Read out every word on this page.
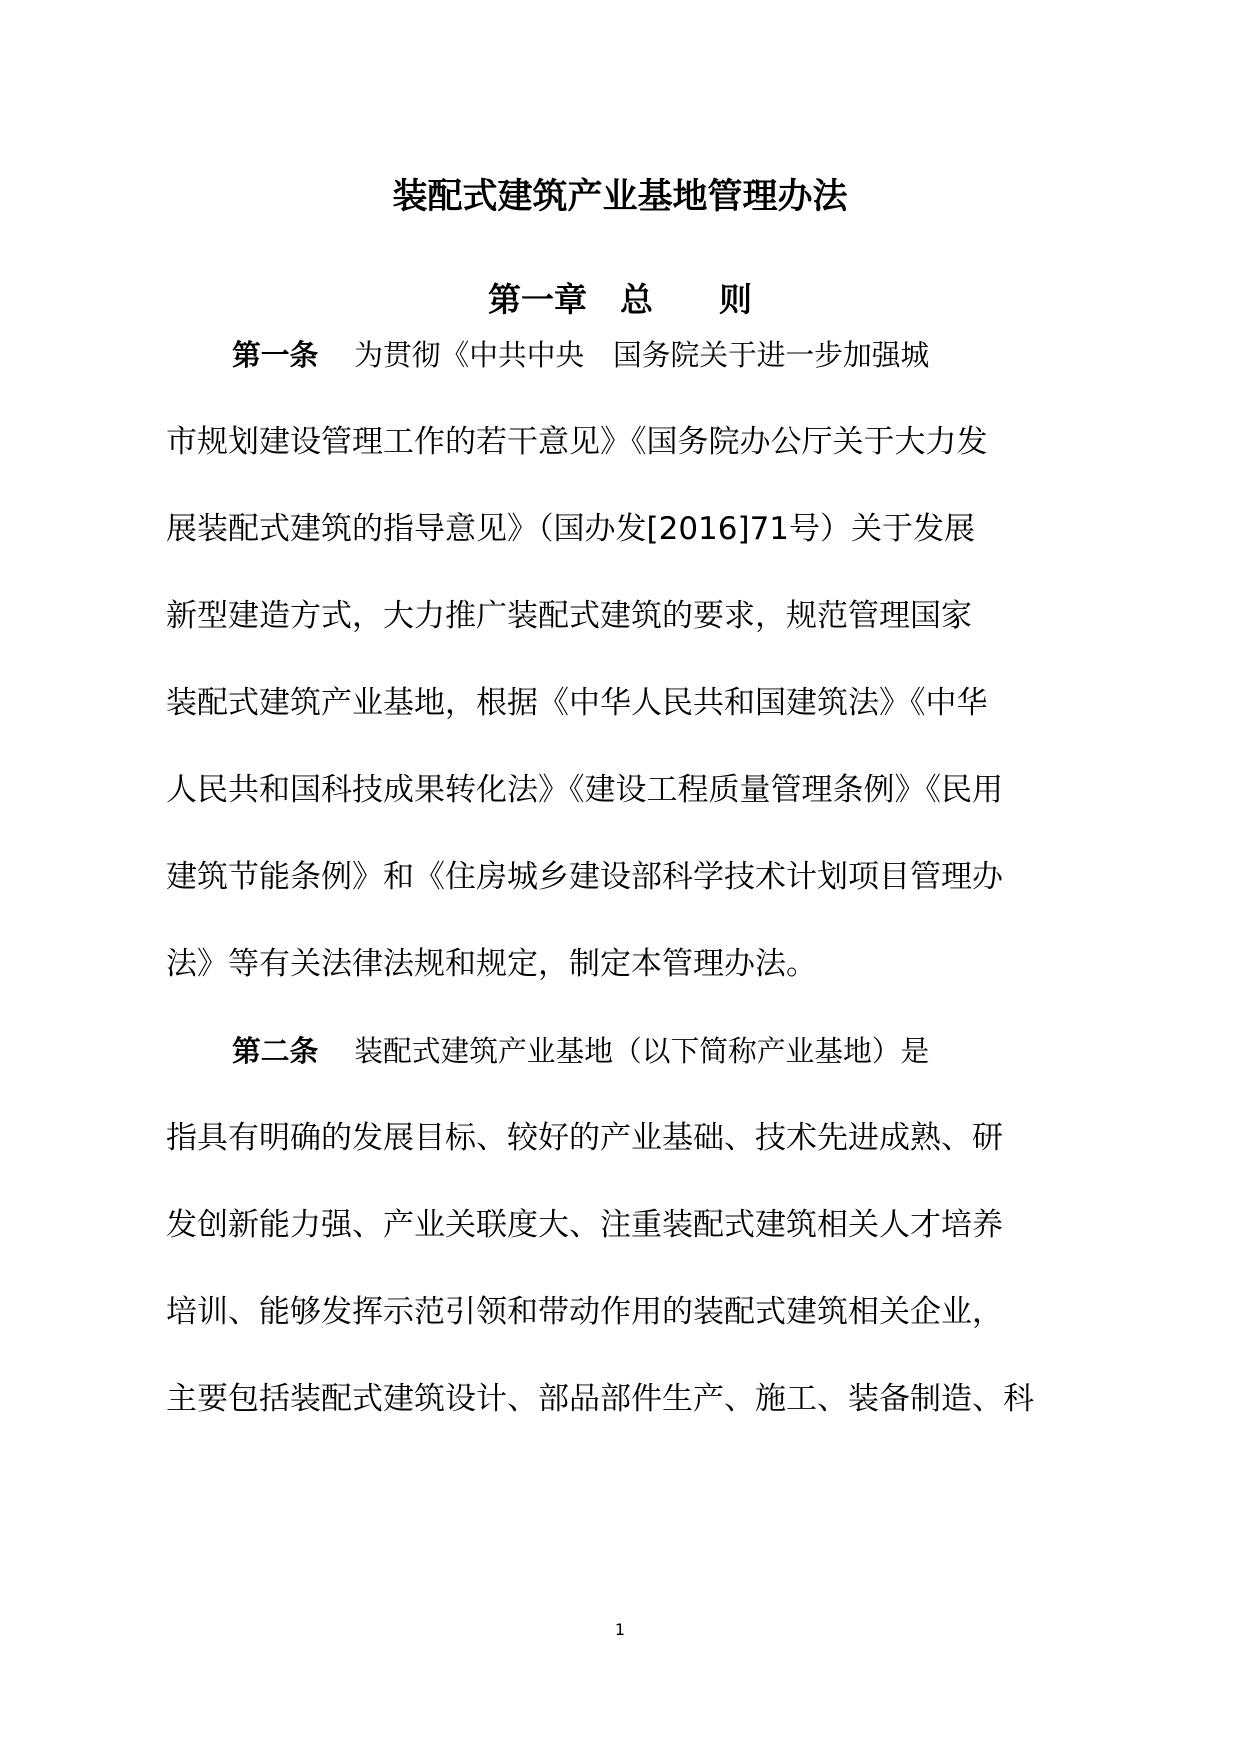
装配式建筑产业基地管理办法
第一章　总　　则
第一条 为贯彻《中共中央　国务院关于进一步加强城
市规划建设管理工作的若干意见》《国务院办公厅关于大力发
展装配式建筑的指导意见》（国办发[2016]71号）关于发展
新型建造方式，大力推广装配式建筑的要求，规范管理国家
装配式建筑产业基地，根据《中华人民共和国建筑法》《中华
人民共和国科技成果转化法》《建设工程质量管理条例》《民用
建筑节能条例》和《住房城乡建设部科学技术计划项目管理办
法》等有关法律法规和规定，制定本管理办法。
第二条 装配式建筑产业基地（以下简称产业基地）是
指具有明确的发展目标、较好的产业基础、技术先进成熟、研
发创新能力强、产业关联度大、注重装配式建筑相关人才培养
培训、能够发挥示范引领和带动作用的装配式建筑相关企业，
主要包括装配式建筑设计、部品部件生产、施工、装备制造、科
1
